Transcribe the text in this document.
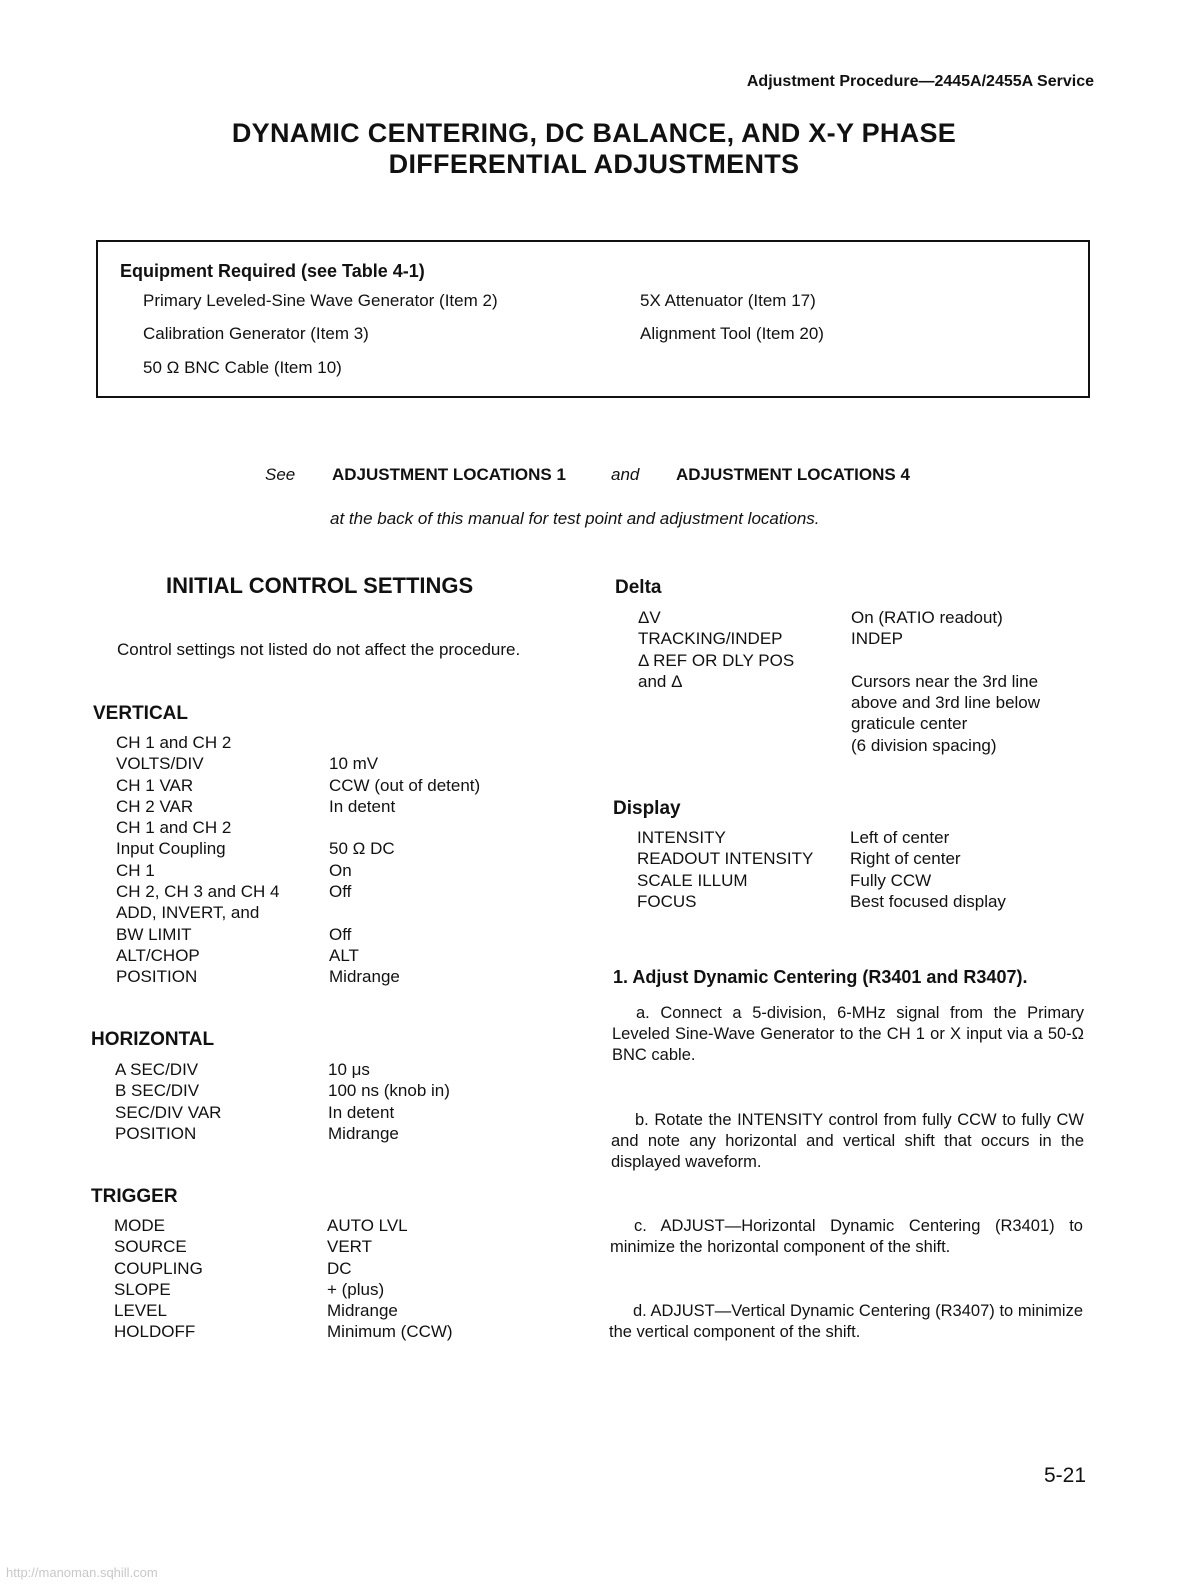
Adjustment Procedure—2445A/2455A Service
DYNAMIC CENTERING, DC BALANCE, AND X-Y PHASE
DIFFERENTIAL ADJUSTMENTS
Equipment Required (see Table 4-1)
Primary Leveled-Sine Wave Generator (Item 2)
Calibration Generator (Item 3)
50 Ω BNC Cable (Item 10)
5X Attenuator (Item 17)
Alignment Tool (Item 20)
See ADJUSTMENT LOCATIONS 1	and ADJUSTMENT LOCATIONS 4
at the back of this manual for test point and adjustment locations.
INITIAL CONTROL SETTINGS
Control settings not listed do not affect the procedure.
VERTICAL
CH 1 and CH 2
VOLTS/DIV
CH 1 VAR
CH 2 VAR
CH 1 and CH 2
Input Coupling
CH 1
CH 2, CH 3 and CH 4
ADD, INVERT, and
BW LIMIT
ALT/CHOP
POSITION

10 mV
CCW (out of detent)
In detent

50 Ω DC
On
Off

Off
ALT
Midrange
HORIZONTAL
A SEC/DIV
B SEC/DIV
SEC/DIV VAR
POSITION
10 μs
100 ns (knob in)
In detent
Midrange
TRIGGER
MODE
SOURCE
COUPLING
SLOPE
LEVEL
HOLDOFF
AUTO LVL
VERT
DC
+ (plus)
Midrange
Minimum (CCW)
Delta
ΔV
TRACKING/INDEP
Δ REF OR DLY POS
and Δ
On (RATIO readout)
INDEP

Cursors near the 3rd line
above and 3rd line below
graticule center
(6 division spacing)
Display
INTENSITY
READOUT INTENSITY
SCALE ILLUM
FOCUS
Left of center
Right of center
Fully CCW
Best focused display
1. Adjust Dynamic Centering (R3401 and R3407).
a. Connect a 5-division, 6-MHz signal from the Primary Leveled Sine-Wave Generator to the CH 1 or X input via a 50-Ω BNC cable.
b. Rotate the INTENSITY control from fully CCW to fully CW and note any horizontal and vertical shift that occurs in the displayed waveform.
c. ADJUST—Horizontal Dynamic Centering (R3401) to minimize the horizontal component of the shift.
d. ADJUST—Vertical Dynamic Centering (R3407) to minimize the vertical component of the shift.
5-21
http://manoman.sqhill.com
